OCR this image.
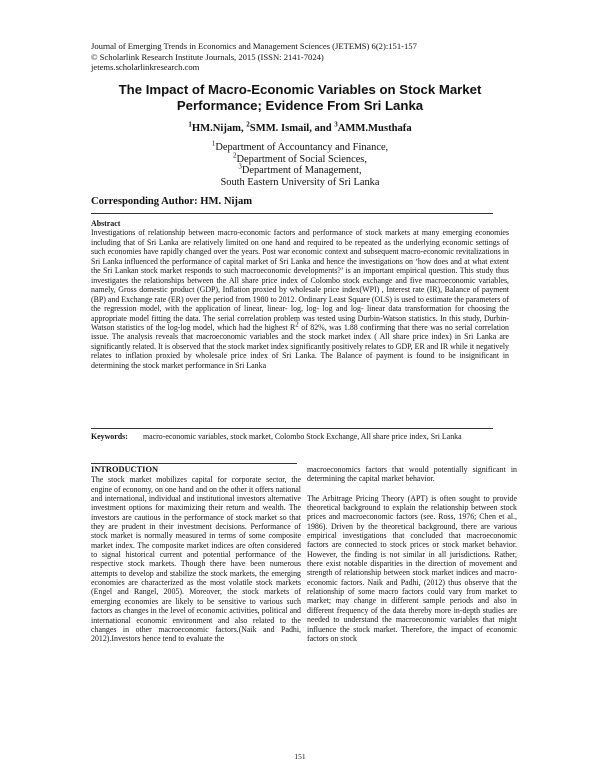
Journal of Emerging Trends in Economics and Management Sciences (JETEMS) 6(2):151-157
© Scholarlink Research Institute Journals, 2015 (ISSN: 2141-7024)
jetems.scholarlinkresearch.com
The Impact of Macro-Economic Variables on Stock Market Performance; Evidence From Sri Lanka
$^1$HM.Nijam, $^2$SMM. Ismail, and $^3$AMM.Musthafa
$^1$Department of Accountancy and Finance,
$^2$Department of Social Sciences,
$^3$Department of Management,
South Eastern University of Sri Lanka
Corresponding Author: HM. Nijam
Abstract

Investigations of relationship between macro-economic factors and performance of stock markets at many emerging economies including that of Sri Lanka are relatively limited on one hand and required to be repeated as the underlying economic settings of such economies have rapidly changed over the years. Post war economic context and subsequent macro-economic revitalizations in Sri Lanka influenced the performance of capital market of Sri Lanka and hence the investigations on ‘how does and at what extent the Sri Lankan stock market responds to such macroeconomic developments?’ is an important empirical question. This study thus investigates the relationships between the All share price index of Colombo stock exchange and five macroeconomic variables, namely, Gross domestic product (GDP), Inflation proxied by wholesale price index(WPI) , Interest rate (IR), Balance of payment (BP) and Exchange rate (ER) over the period from 1980 to 2012. Ordinary Least Square (OLS) is used to estimate the parameters of the regression model, with the application of linear, linear- log, log- log and log- linear data transformation for choosing the appropriate model fitting the data. The serial correlation problem was tested using Durbin-Watson statistics. In this study, Durbin-Watson statistics of the log-log model, which had the highest $R^2$ of 82%, was 1.88 confirming that there was no serial correlation issue. The analysis reveals that macroeconomic variables and the stock market index ( All share price index) in Sri Lanka are significantly related. It is observed that the stock market index significantly positively relates to GDP, ER and IR while it negatively relates to inflation proxied by wholesale price index of Sri Lanka. The Balance of payment is found to be insignificant in determining the stock market performance in Sri Lanka

Keywords:	macro-economic variables, stock market, Colombo Stock Exchange, All share price index, Sri Lanka
INTRODUCTION

The stock market mobilizes capital for corporate sector, the engine of economy, on one hand and on the other it offers national and international, individual and institutional investors alternative investment options for maximizing their return and wealth. The investors are cautious in the performance of stock market so that they are prudent in their investment decisions. Performance of stock market is normally measured in terms of some composite market index. The composite market indices are often considered to signal historical current and potential performance of the respective stock markets. Though there have been numerous attempts to develop and stabilize the stock markets, the emerging economies are characterized as the most volatile stock markets (Engel and Rangel, 2005). Moreover, the stock markets of emerging economies are likely to be sensitive to various such factors as changes in the level of economic activities, political and international economic environment and also related to the changes in other macroeconomic factors.(Naik and Padhi, 2012).Investors hence tend to evaluate the

macroeconomics factors that would potentially significant in determining the capital market behavior.

The Arbitrage Pricing Theory (APT) is often sought to provide theoretical background to explain the relationship between stock prices and macroeconomic factors (see. Ross, 1976; Chen et al., 1986). Driven by the theoretical background, there are various empirical investigations that concluded that macroeconomic factors are connected to stock prices or stock market behavior. However, the finding is not similar in all jurisdictions. Rather, there exist notable disparities in the direction of movement and strength of relationship between stock market indices and macro-economic factors. Naik and Padhi, (2012) thus observe that the relationship of some macro factors could vary from market to market; may change in different sample periods and also in different frequency of the data thereby more in-depth studies are needed to understand the macroeconomic variables that might influence the stock market. Therefore, the impact of economic factors on stock

151
